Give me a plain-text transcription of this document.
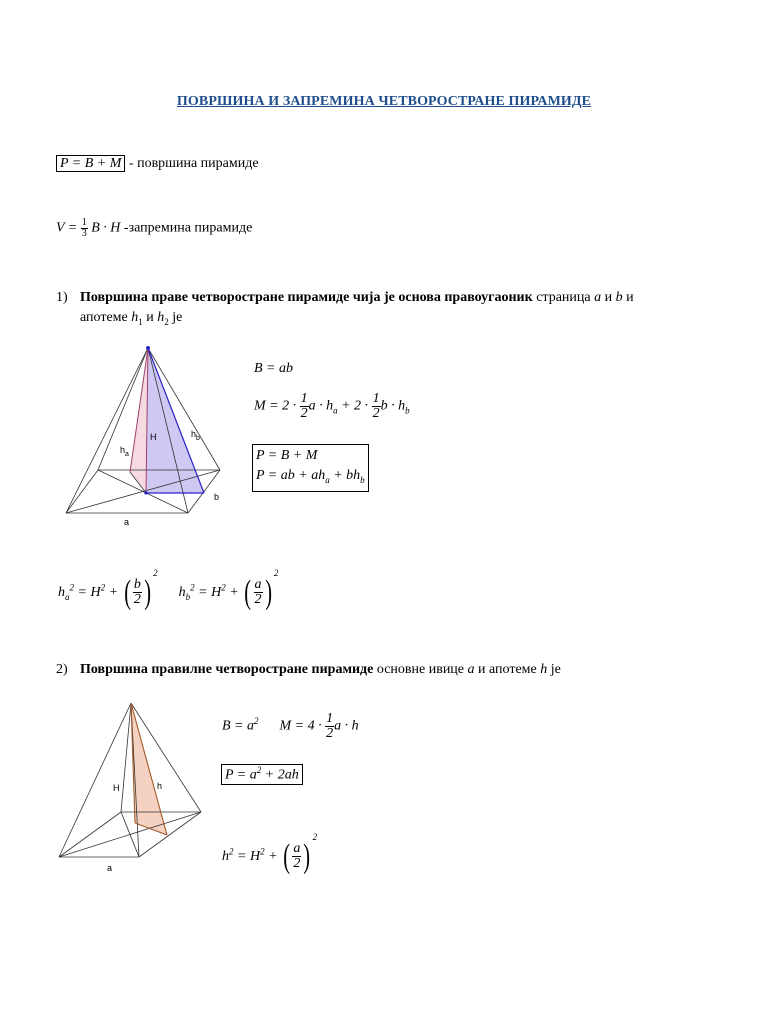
ПОВРШИНА И ЗАПРЕМИНА ЧЕТВОРОСТРАНЕ ПИРАМИДЕ
P = B + M - површина пирамиде
$V = \frac{1}{3}$ B · H -запремина пирамиде
1) Површина праве четворостране пирамиде чија је основа правоугаоник страница a и b и
апотеме $h_1$ и $h_2$ је
H
$h_a$
$h_b$
a
b
B = ab
$M = 2 \cdot \frac{1}{2}$ $a \cdot h_a + 2 \cdot \frac{1}{2}$ $b \cdot h_b$
P = B + M
P = ab + $ah_a + bh_b$
$h_a^2 = H^2$ + ( $\frac{b}{2} )^2$  $h_b^2 = H^2$ + ( $\frac{a}{2} )^2$
2) Површина правилне четворостране пирамиде основне ивице a и апотеме h је
H	h
a
$B = a^2$ $M = 4 \cdot \frac{1}{2}$ a · h
$P = a^2 + 2ah$
$h^2 = H^2$ + ( $\frac{a}{2} )^2$
